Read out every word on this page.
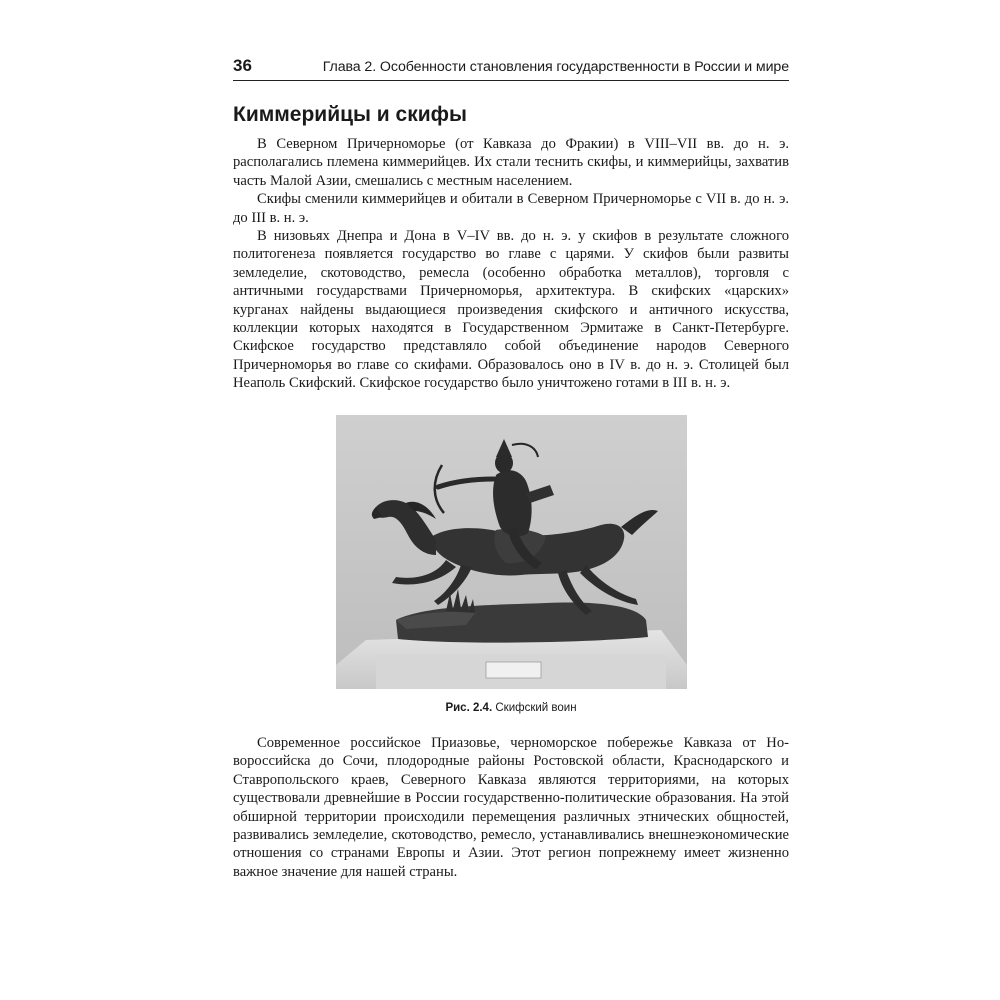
36	Глава 2. Особенности становления государственности в России и мире
Киммерийцы и скифы

В Северном Причерноморье (от Кавказа до Фракии) в VIII–VII вв. до н. э. располагались племена киммерийцев. Их стали теснить скифы, и киммерийцы, захватив часть Малой Азии, смешались с местным населением.

Скифы сменили киммерийцев и обитали в Северном Причерноморье с VII в. до н. э. до III в. н. э.

В низовьях Днепра и Дона в V–IV вв. до н. э. у скифов в результате сложного политогенеза появляется государство во главе с царями. У скифов были развиты земледелие, скотоводство, ремесла (особенно обработка металлов), торговля с античными государствами Причерноморья, архитектура. В скифских «царских» курганах найдены выдающиеся произведения скифского и античного искусства, коллекции которых находятся в Государственном Эрмитаже в Санкт-Петербурге. Скифское государство представляло собой объединение народов Северного Причерноморья во главе со скифами. Образовалось оно в IV в. до н. э. Столицей был Неаполь Скифский. Скифское государство было уничтожено готами в III в. н. э.

Рис. 2.4. Скифский воин

Современное российское Приазовье, черноморское побережье Кавказа от Новороссийска до Сочи, плодородные районы Ростовской области, Краснодарского и Ставропольского краев, Северного Кавказа являются территориями, на которых существовали древнейшие в России государственно-политические образования. На этой обширной территории происходили перемещения различных этнических общностей, развивались земледелие, скотоводство, ремесло, устанавливались внешнеэкономические отношения со странами Европы и Азии. Этот регион попрежнему имеет жизненно важное значение для нашей страны.
